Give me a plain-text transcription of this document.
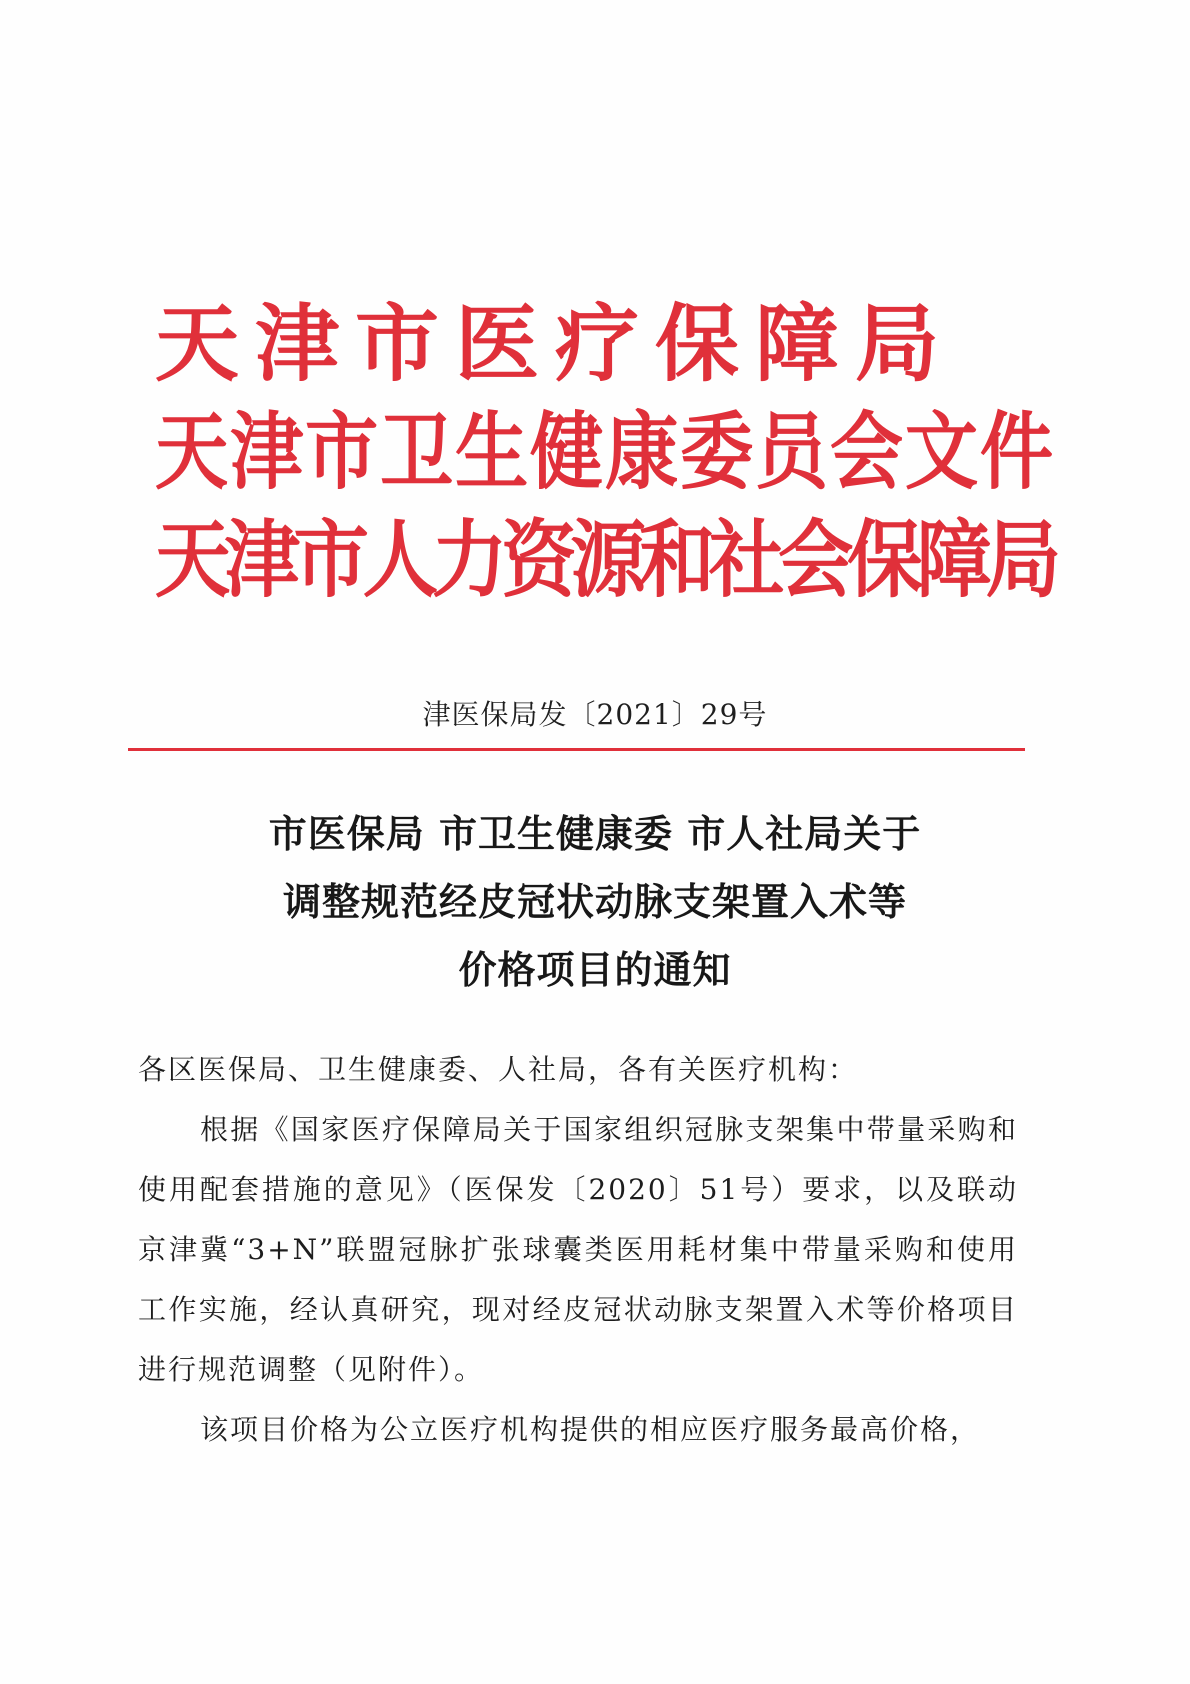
天津市医疗保障局
天津市卫生健康委员会文件
天津市人力资源和社会保障局
津医保局发〔2021〕29号
市医保局 市卫生健康委 市人社局关于
调整规范经皮冠状动脉支架置入术等
价格项目的通知
各区医保局、卫生健康委、人社局，各有关医疗机构：
根据《国家医疗保障局关于国家组织冠脉支架集中带量采购和使用配套措施的意见》（医保发〔2020〕51号）要求，以及联动京津冀“3+N”联盟冠脉扩张球囊类医用耗材集中带量采购和使用工作实施，经认真研究，现对经皮冠状动脉支架置入术等价格项目进行规范调整（见附件）。
该项目价格为公立医疗机构提供的相应医疗服务最高价格，
